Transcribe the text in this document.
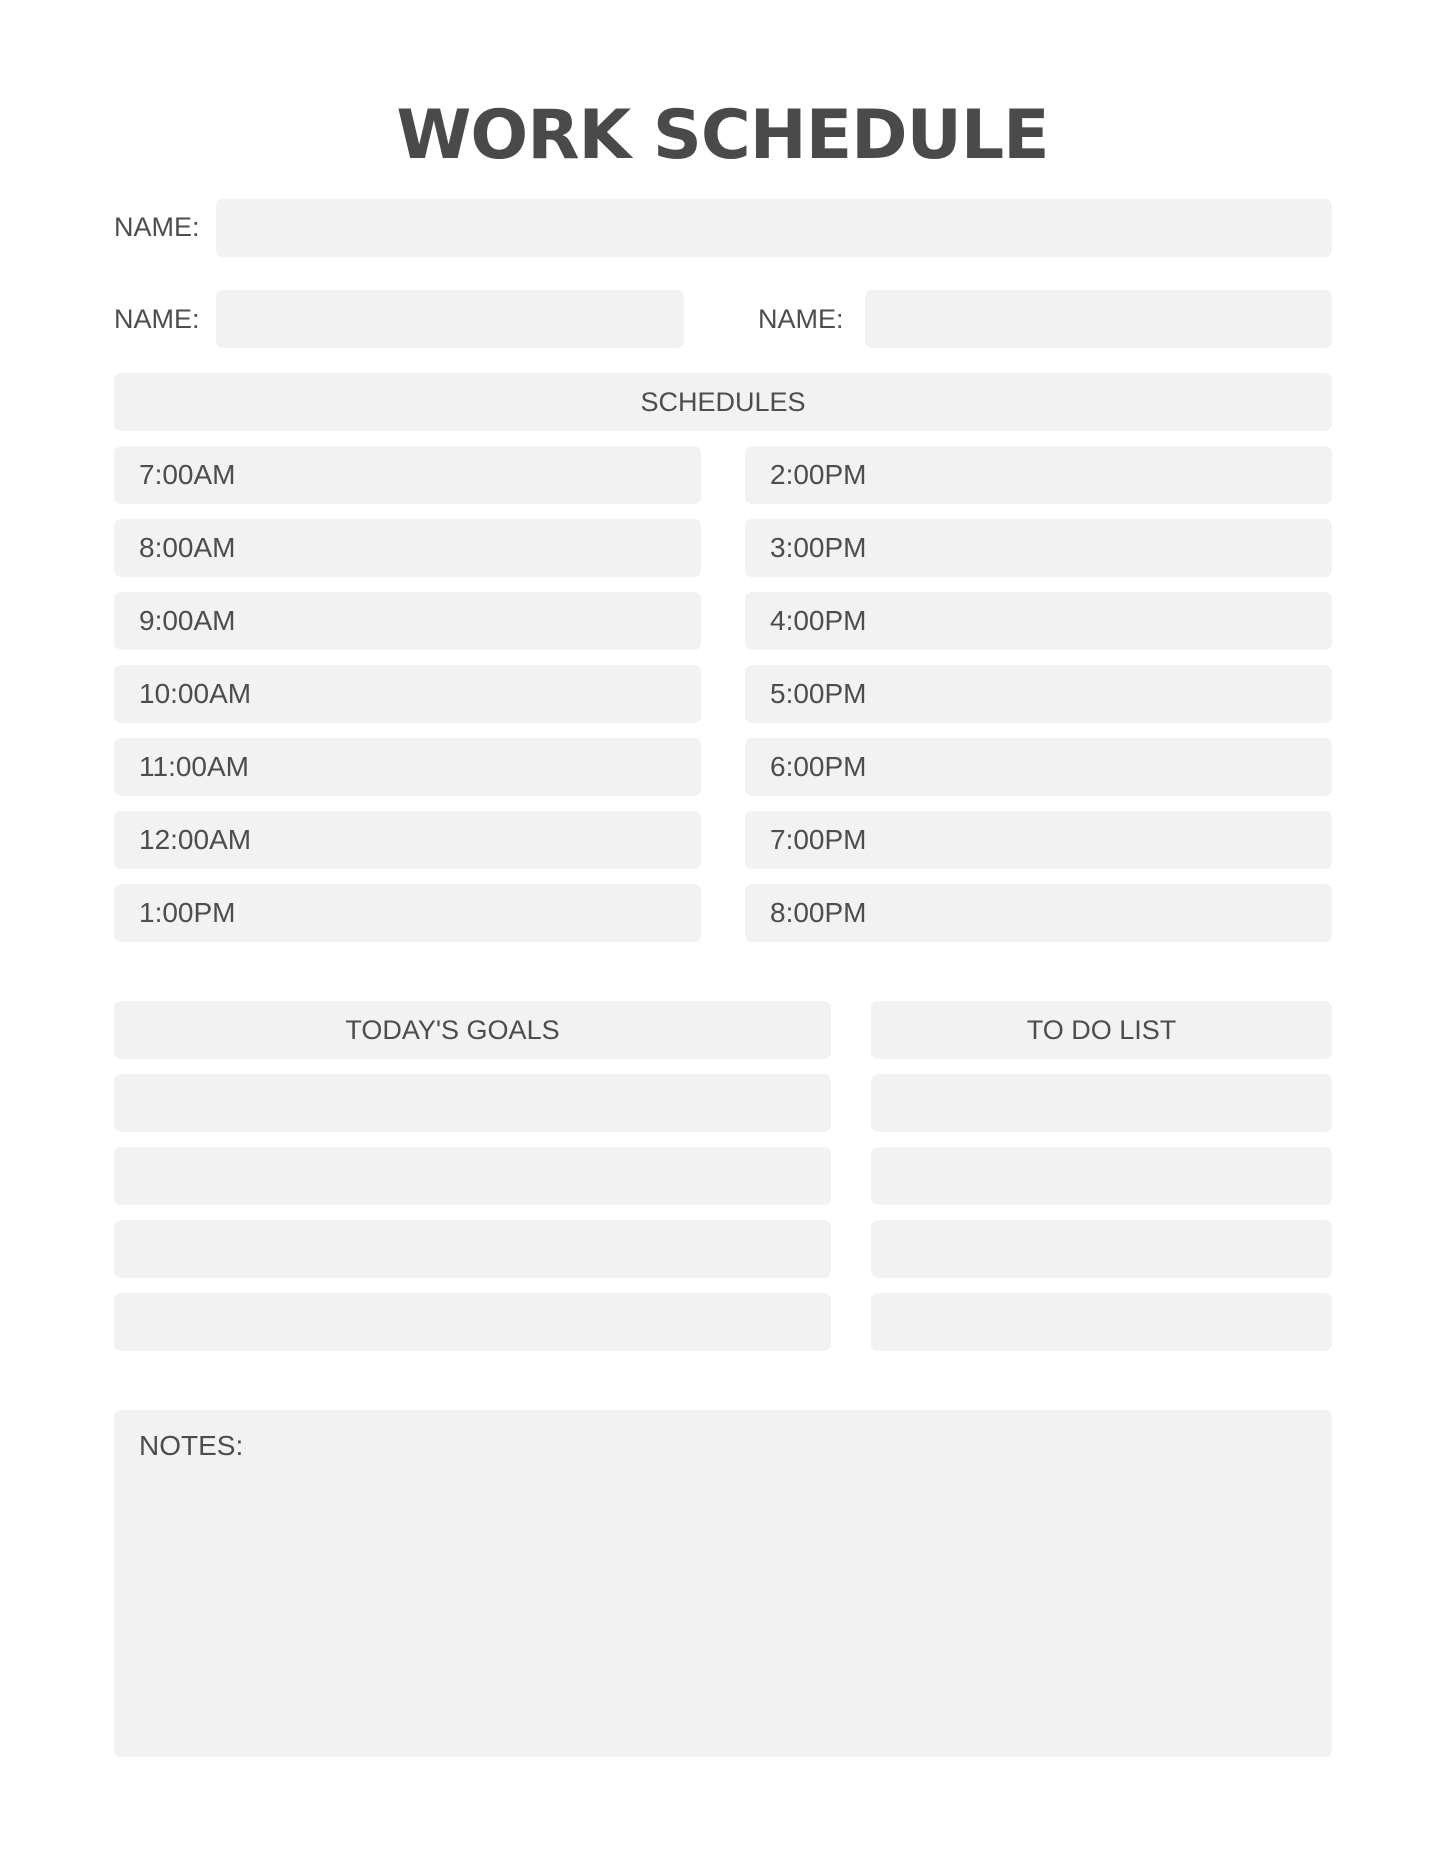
WORK SCHEDULE
NAME:
NAME:	NAME:
SCHEDULES
7:00AM
8:00AM
9:00AM
10:00AM
11:00AM
12:00AM
1:00PM
2:00PM
3:00PM
4:00PM
5:00PM
6:00PM
7:00PM
8:00PM
TODAY'S GOALS	TO DO LIST
NOTES:
